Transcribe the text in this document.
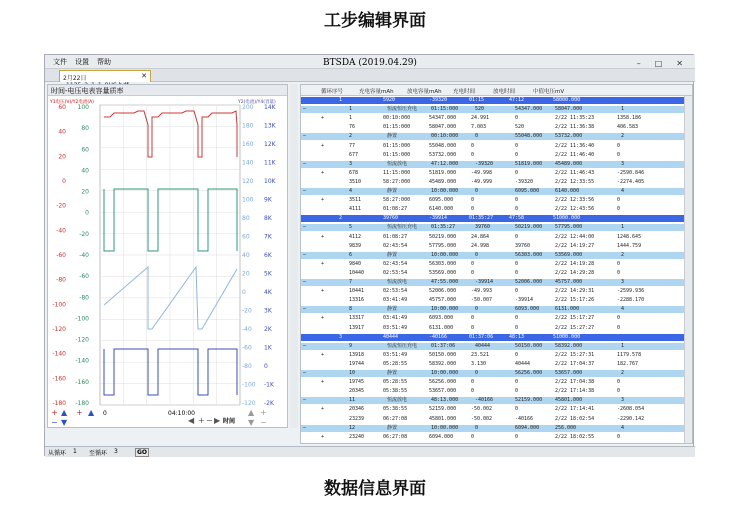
工步编辑界面
文件 设置 帮助	BTSDA (2019.04.29)	– □ ✕
2月22日	✕
时间-电压电表容量质率
Y1电压(V)/Y2电流(A)	Y2(电流)/Y4(容量)
60
40
20
0
-20
-40
-60
-80
-100
-120
-140
-160
-180
100
80
60
40
20
0
-20
-40
-60
-80
-100
-120
-140
-160
-180
200
180
160
140
120
100
80
60
40
20
0
-20
-40
-60
-80
-100
-120
14K
13K
12K
11K
10K
9K
8K
7K
6K
5K
4K
3K
2K
1K
0
-1K
-2K
0	04:10:00
时间
+ ▲
− ▼
+ ▲
◀ + − ▶
▲ +
▼ −
循环序号	充电容量mAh 放电容量mAh 充电时间	放电时间	中值电压mV
1	5920	-39320	01:15	47:12	58000.000
—	1	恒流恒压充电	01:15:000	520	54347.000	58047.000	1
+	1	00:10:000	54347.000	24.991	0	2/22 11:35:23	1358.186
76	01:15:000	58047.000	7.003	520	2/22 11:36:38	406.583
—	2	静置	00:10:000	0	55048.000	53732.000	2
+	77	01:15:000	55048.000	0	0	2/22 11:36:40	0
677	01:15:000	53732.000	0	0	2/22 11:46:40	0
—	3	恒流放电	47:12.000	-39320	51819.000	45489.000	3
+	678	11:15:000	51819.000	-49.998	0	2/22 11:46:43	-2590.846
3510	58:27:000	45489.000	-49.999	-39320	2/22 12:33:55	-2274.405
—	4	静置	10:00.000	0	6095.000	6140.000	4
+	3511	58:27:000	6095.000	0	0	2/22 12:33:56	0
4111	01:08:27	6140.000	0	0	2/22 12:43:56	0
2	39760	-39914	01:35:27	47:58	51000.000
—	5	恒流恒压充电	01:35:27	39760	50219.000	57795.000	1
+	4112	01:08:27	50219.000	24.864	0	2/22 12:44:00	1248.645
9839	02:43:54	57795.000	24.998	39760	2/22 14:19:27	1444.759
—	6	静置	10:00.000	0	56303.000	53569.000	2
+	9840	02:43:54	56303.000	0	0	2/22 14:19:28	0
10440	02:53:54	53569.000	0	0	2/22 14:29:28	0
—	7	恒流放电	47:55.000	-39914	52006.000	45757.000	3
+	10441	02:53:54	52006.000	-49.993	0	2/22 14:29:31	-2599.936
13316	03:41:49	45757.000	-50.007	-39914	2/22 15:17:26	-2288.170
—	8	静置	10:00.000	0	6093.000	6131.000	4
+	13317	03:41:49	6093.000	0	0	2/22 15:17:27	0
13917	03:51:49	6131.000	0	0	2/22 15:27:27	0
3	40444	-40166	01:37:06	48:13	51000.000
—	9	恒流恒压充电	01:37:06	40444	50150.000	58392.000	1
+	13918	03:51:49	50150.000	23.521	0	2/22 15:27:31	1179.578
19744	05:28:55	58392.000	3.130	40444	2/22 17:04:37	182.767
—	10	静置	10:00.000	0	56256.000	53657.000	2
+	19745	05:28:55	56256.000	0	0	2/22 17:04:38	0
20345	05:38:55	53657.000	0	0	2/22 17:14:38	0
—	11	恒流放电	48:13.000	-40166	52159.000	45801.000	3
+	20346	05:38:55	52159.000	-50.002	0	2/22 17:14:41	-2608.054
23239	06:27:08	45801.000	-50.002	-40166	2/22 18:02:54	-2290.142
—	12	静置	10:00.000	0	6094.000	256.000	4
+	23240	06:27:08	6094.000	0	0	2/22 18:02:55	0
从循环 1 至循环 3	GO
数据信息界面
